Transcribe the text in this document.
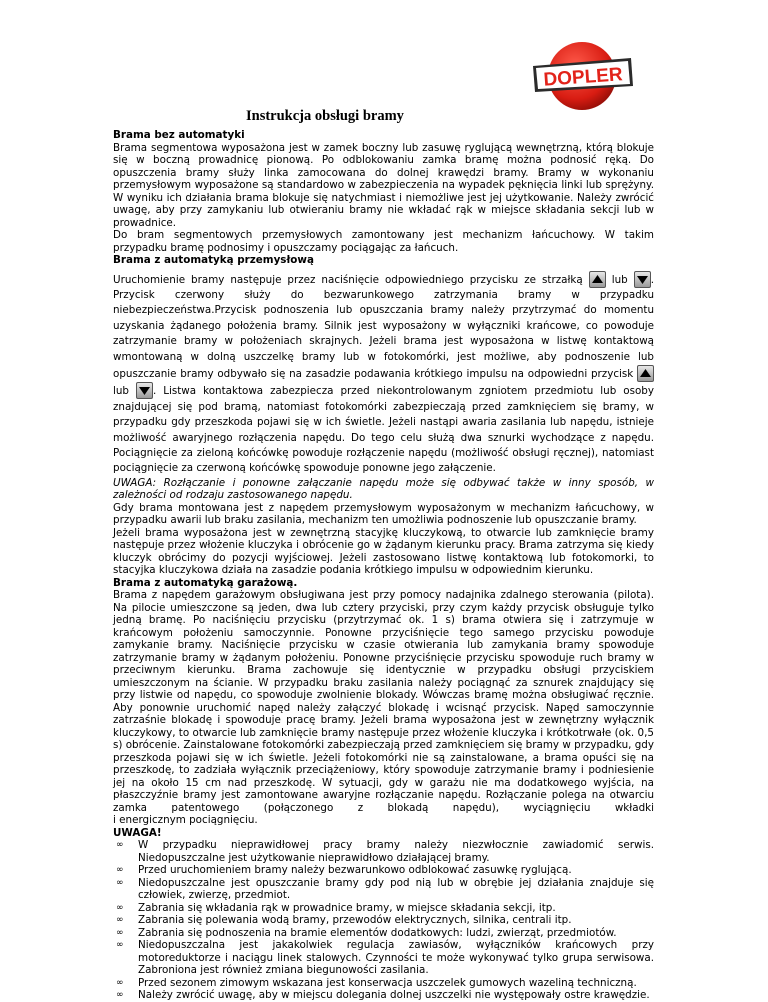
DOPLER
Instrukcja obsługi bramy

Brama bez automatyki

Brama segmentowa wyposażona jest w zamek boczny lub zasuwę ryglującą wewnętrzną, którą blokuje się w boczną prowadnicę pionową. Po odblokowaniu zamka bramę można podnosić ręką. Do opuszczenia bramy służy linka zamocowana do dolnej krawędzi bramy. Bramy w wykonaniu przemysłowym wyposażone są standardowo w zabezpieczenia na wypadek pęknięcia linki lub sprężyny. W wyniku ich działania brama blokuje się natychmiast i niemożliwe jest jej użytkowanie. Należy zwrócić uwagę, aby przy zamykaniu lub otwieraniu bramy nie wkładać rąk w miejsce składania sekcji lub w prowadnice.

Do bram segmentowych przemysłowych zamontowany jest mechanizm łańcuchowy. W takim przypadku bramę podnosimy i opuszczamy pociągając za łańcuch.

Brama z automatyką przemysłową

Uruchomienie bramy następuje przez naciśnięcie odpowiedniego przycisku ze strzałką	lub . Przycisk czerwony służy do bezwarunkowego zatrzymania bramy w przypadku niebezpieczeństwa.Przycisk podnoszenia lub opuszczania bramy należy przytrzymać do momentu uzyskania żądanego położenia bramy. Silnik jest wyposażony w wyłączniki krańcowe, co powoduje zatrzymanie bramy w położeniach skrajnych. Jeżeli brama jest wyposażona w listwę kontaktową wmontowaną w dolną uszczelkę bramy lub w fotokomórki, jest możliwe, aby podnoszenie lub opuszczanie bramy odbywało się na zasadzie podawania krótkiego impulsu na odpowiedni przycisk
lub . Listwa kontaktowa zabezpiecza przed niekontrolowanym zgniotem przedmiotu lub osoby znajdującej się pod bramą, natomiast fotokomórki zabezpieczają przed zamknięciem się bramy, w przypadku gdy przeszkoda pojawi się w ich świetle. Jeżeli nastąpi awaria zasilania lub napędu, istnieje możliwość awaryjnego rozłączenia napędu. Do tego celu służą dwa sznurki wychodzące z napędu. Pociągnięcie za zieloną końcówkę powoduje rozłączenie napędu (możliwość obsługi ręcznej), natomiast pociągnięcie za czerwoną końcówkę spowoduje ponowne jego załączenie.

UWAGA: Rozłączanie i ponowne załączanie napędu może się odbywać także w inny sposób, w zależności od rodzaju zastosowanego napędu.

Gdy brama montowana jest z napędem przemysłowym wyposażonym w mechanizm łańcuchowy, w przypadku awarii lub braku zasilania, mechanizm ten umożliwia podnoszenie lub opuszczanie bramy.

Jeżeli brama wyposażona jest w zewnętrzną stacyjkę kluczykową, to otwarcie lub zamknięcie bramy następuje przez włożenie kluczyka i obrócenie go w żądanym kierunku pracy. Brama zatrzyma się kiedy kluczyk obrócimy do pozycji wyjściowej. Jeżeli zastosowano listwę kontaktową lub fotokomorki, to stacyjka kluczykowa działa na zasadzie podania krótkiego impulsu w odpowiednim kierunku.

Brama z automatyką garażową.

Brama z napędem garażowym obsługiwana jest przy pomocy nadajnika zdalnego sterowania (pilota). Na pilocie umieszczone są jeden, dwa lub cztery przyciski, przy czym każdy przycisk obsługuje tylko jedną bramę. Po naciśnięciu przycisku (przytrzymać ok. 1 s) brama otwiera się i zatrzymuje w krańcowym położeniu samoczynnie. Ponowne przyciśnięcie tego samego przycisku powoduje zamykanie bramy. Naciśnięcie przycisku w czasie otwierania lub zamykania bramy spowoduje zatrzymanie bramy w żądanym położeniu. Ponowne przyciśnięcie przycisku spowoduje ruch bramy w przeciwnym kierunku. Brama zachowuje się identycznie w przypadku obsługi przyciskiem umieszczonym na ścianie. W przypadku braku zasilania należy pociągnąć za sznurek znajdujący się przy listwie od napędu, co spowoduje zwolnienie blokady. Wówczas bramę można obsługiwać ręcznie. Aby ponownie uruchomić napęd należy załączyć blokadę i wcisnąć przycisk. Napęd samoczynnie zatrzaśnie blokadę i spowoduje pracę bramy. Jeżeli brama wyposażona jest w zewnętrzny wyłącznik kluczykowy, to otwarcie lub zamknięcie bramy następuje przez włożenie kluczyka i krótkotrwałe (ok. 0,5 s) obrócenie. Zainstalowane fotokomórki zabezpieczają przed zamknięciem się bramy w przypadku, gdy przeszkoda pojawi się w ich świetle. Jeżeli fotokomórki nie są zainstalowane, a brama opuści się na przeszkodę, to zadziała wyłącznik przeciążeniowy, który spowoduje zatrzymanie bramy i podniesienie jej na około 15 cm nad przeszkodę. W sytuacji, gdy w garażu nie ma dodatkowego wyjścia, na płaszczyźnie bramy jest zamontowane awaryjne rozłączanie napędu. Rozłączanie polega na otwarciu zamka patentowego (połączonego z blokadą napędu), wyciągnięciu wkładki

i energicznym pociągnięciu.

UWAGA!

∞ W przypadku nieprawidłowej pracy bramy należy niezwłocznie zawiadomić serwis. Niedopuszczalne jest użytkowanie nieprawidłowo działającej bramy.
∞ Przed uruchomieniem bramy należy bezwarunkowo odblokować zasuwkę ryglującą.
∞ Niedopuszczalne jest opuszczanie bramy gdy pod nią lub w obrębie jej działania znajduje się człowiek, zwierzę, przedmiot.
∞ Zabrania się wkładania rąk w prowadnice bramy, w miejsce składania sekcji, itp.
∞ Zabrania się polewania wodą bramy, przewodów elektrycznych, silnika, centrali itp.
∞ Zabrania się podnoszenia na bramie elementów dodatkowych: ludzi, zwierząt, przedmiotów.
∞ Niedopuszczalna jest jakakolwiek regulacja zawiasów, wyłączników krańcowych przy motoreduktorze i naciągu linek stalowych. Czynności te może wykonywać tylko grupa serwisowa. Zabroniona jest również zmiana biegunowości zasilania.
∞ Przed sezonem zimowym wskazana jest konserwacja uszczelek gumowych wazeliną techniczną.
∞ Należy zwrócić uwagę, aby w miejscu dolegania dolnej uszczelki nie występowały ostre krawędzie.
